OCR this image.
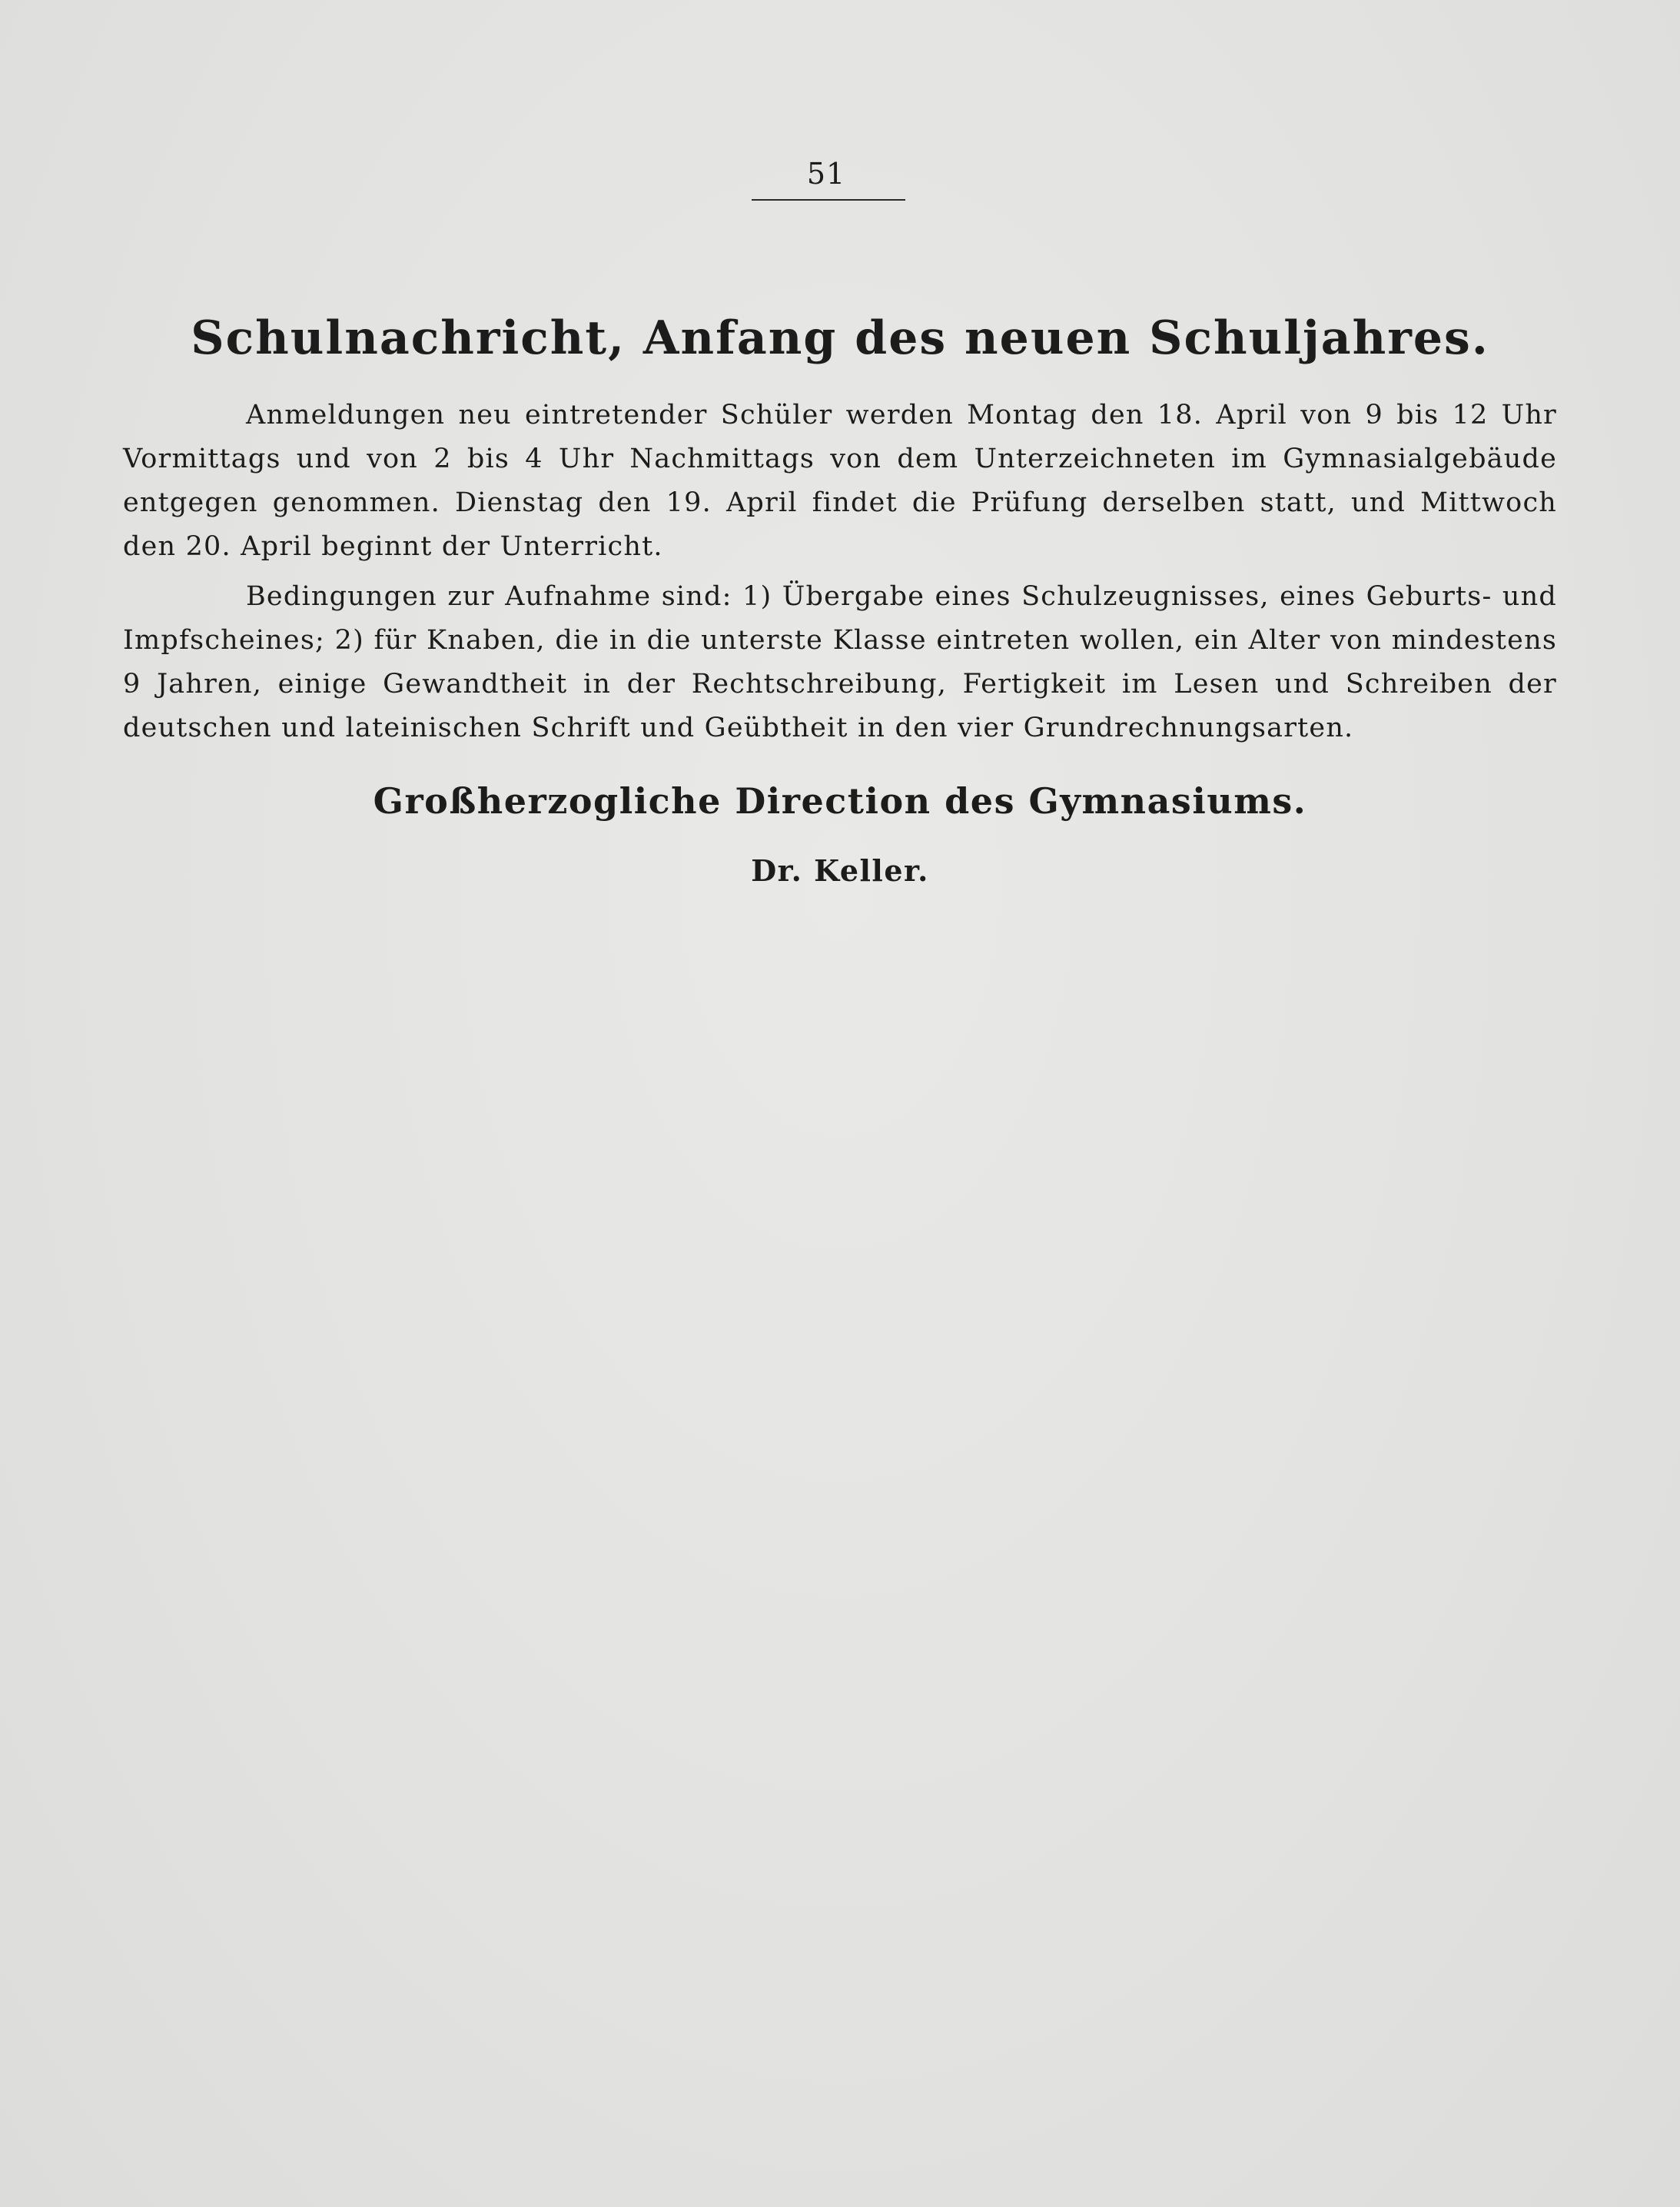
51
Schulnachricht, Anfang des neuen Schuljahres.

Anmeldungen neu eintretender Schüler werden Montag den 18. April von 9 bis 12 Uhr Vormittags und von 2 bis 4 Uhr Nachmittags von dem Unterzeichneten im Gymnasialgebäude entgegen genommen. Dienstag den 19. April findet die Prüfung derselben statt, und Mittwoch den 20. April beginnt der Unterricht.

Bedingungen zur Aufnahme sind: 1) Übergabe eines Schulzeugnisses, eines Geburts- und Impfscheines; 2) für Knaben, die in die unterste Klasse eintreten wollen, ein Alter von mindestens 9 Jahren, einige Gewandtheit in der Rechtschreibung, Fertigkeit im Lesen und Schreiben der deutschen und lateinischen Schrift und Geübtheit in den vier Grundrechnungsarten.

Großherzogliche Direction des Gymnasiums.
Dr. Keller.
